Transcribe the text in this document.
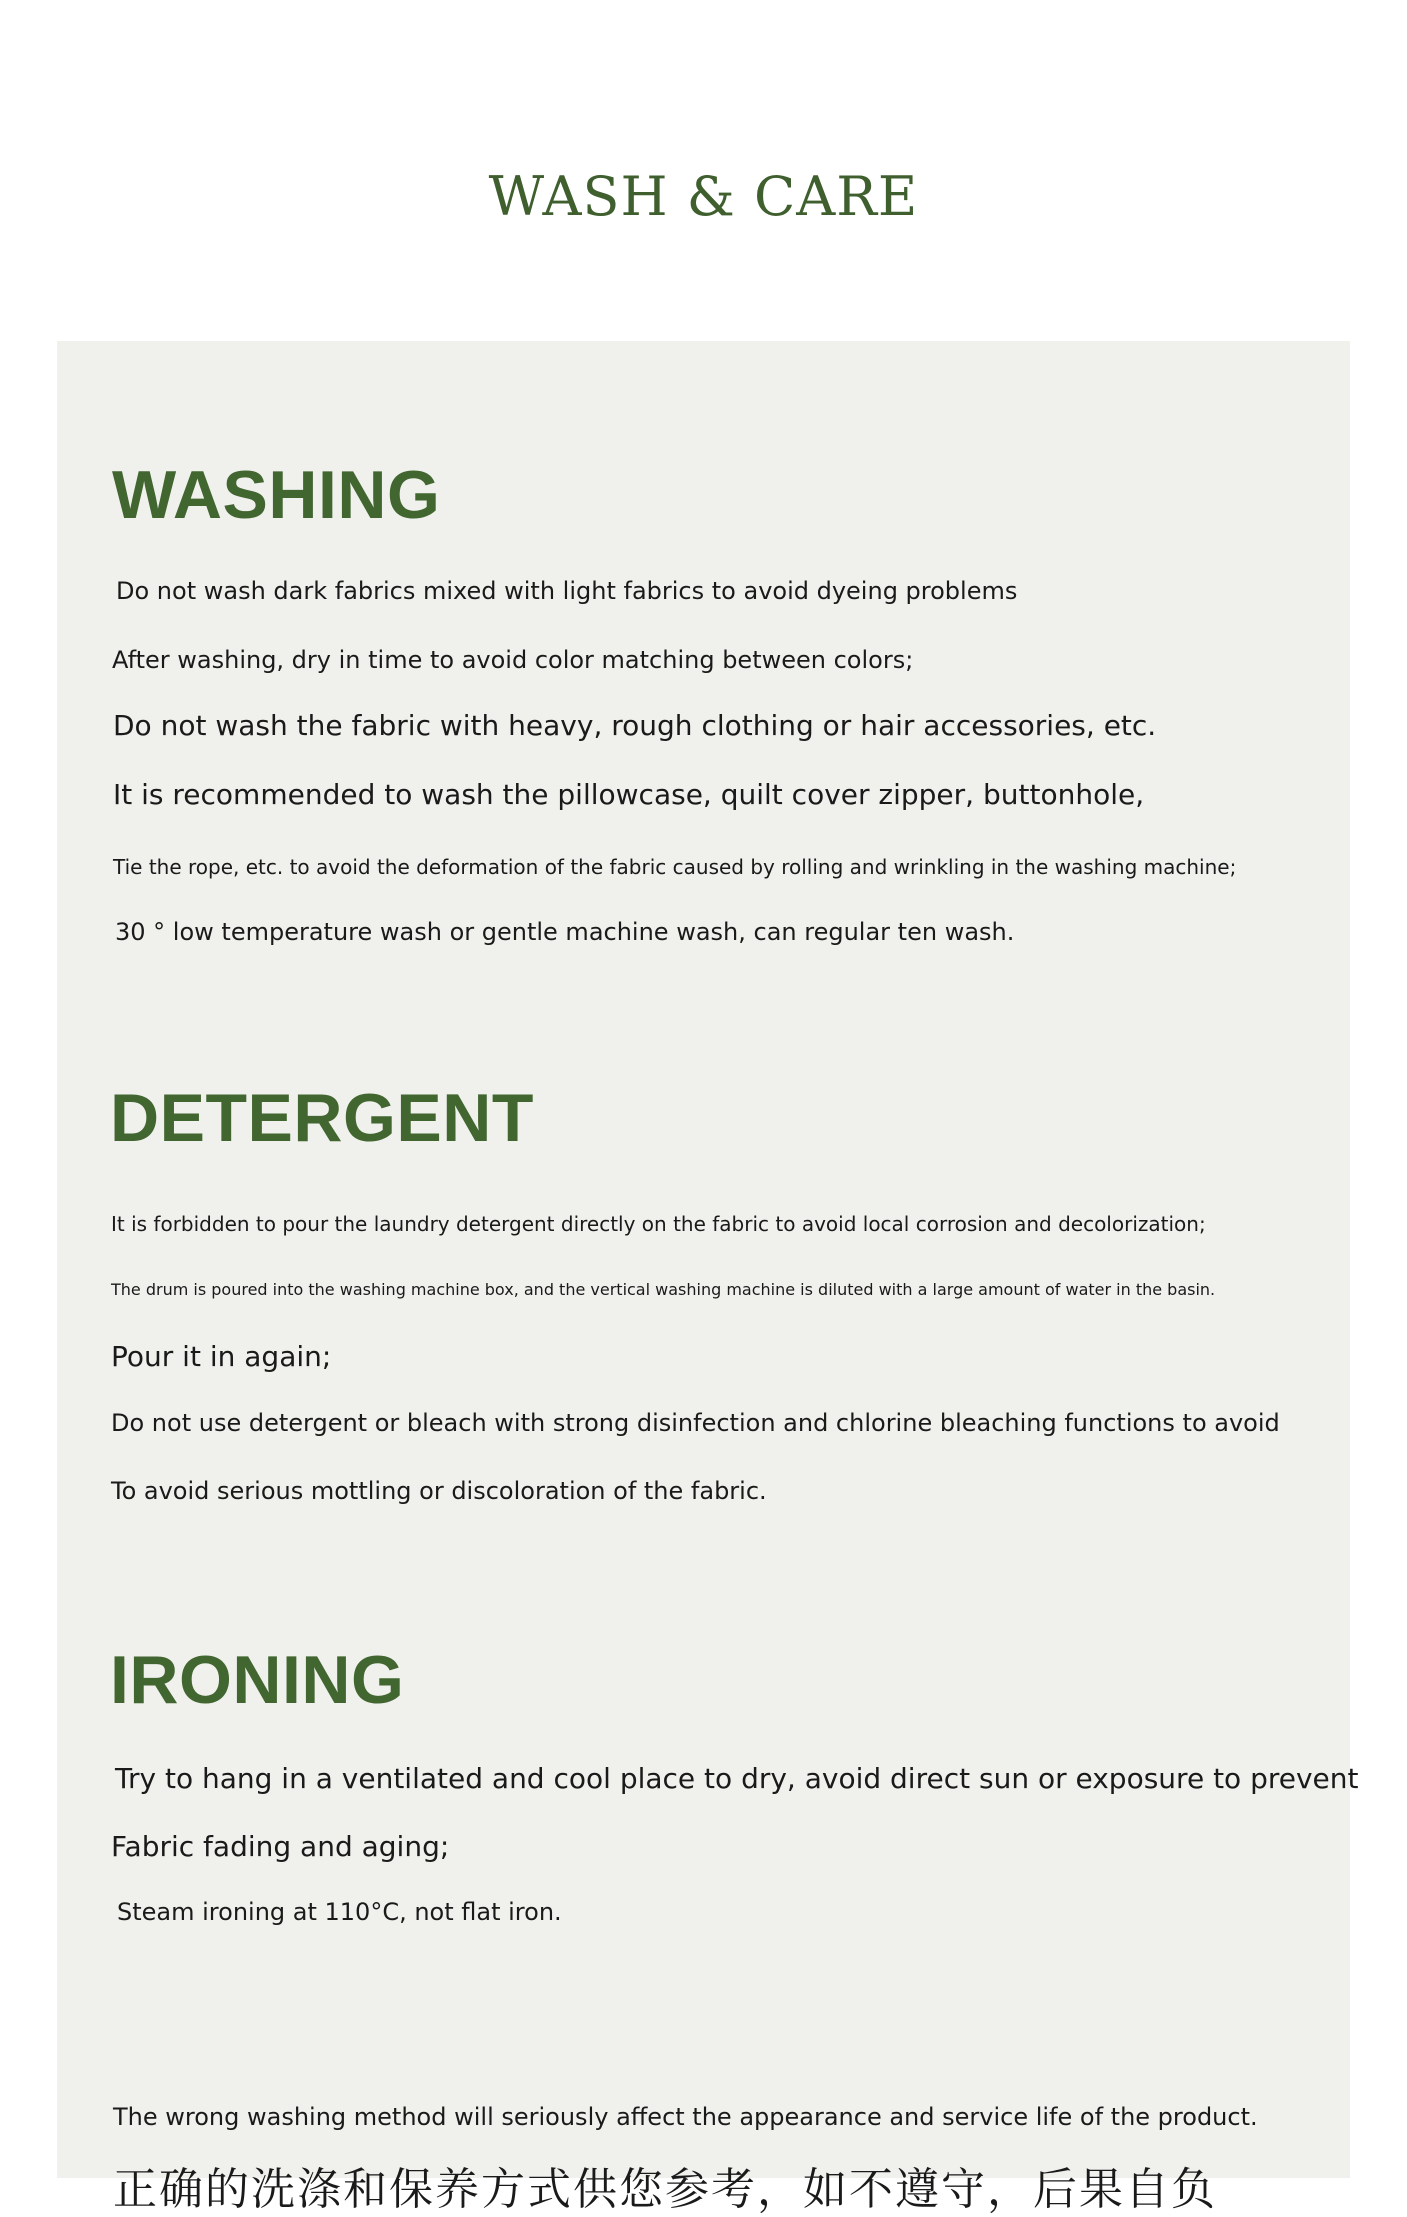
WASH & CARE
WASHING
Do not wash dark fabrics mixed with light fabrics to avoid dyeing problems
After washing, dry in time to avoid color matching between colors;
Do not wash the fabric with heavy, rough clothing or hair accessories, etc.
It is recommended to wash the pillowcase, quilt cover zipper, buttonhole,
Tie the rope, etc. to avoid the deformation of the fabric caused by rolling and wrinkling in the washing machine;
30 ° low temperature wash or gentle machine wash, can regular ten wash.
DETERGENT
It is forbidden to pour the laundry detergent directly on the fabric to avoid local corrosion and decolorization;
The drum is poured into the washing machine box, and the vertical washing machine is diluted with a large amount of water in the basin.
Pour it in again;
Do not use detergent or bleach with strong disinfection and chlorine bleaching functions to avoid
To avoid serious mottling or discoloration of the fabric.
IRONING
Try to hang in a ventilated and cool place to dry, avoid direct sun or exposure to prevent
Fabric fading and aging;
Steam ironing at 110°C, not flat iron.
The wrong washing method will seriously affect the appearance and service life of the product.
正确的洗涤和保养方式供您参考，如不遵守，后果自负
